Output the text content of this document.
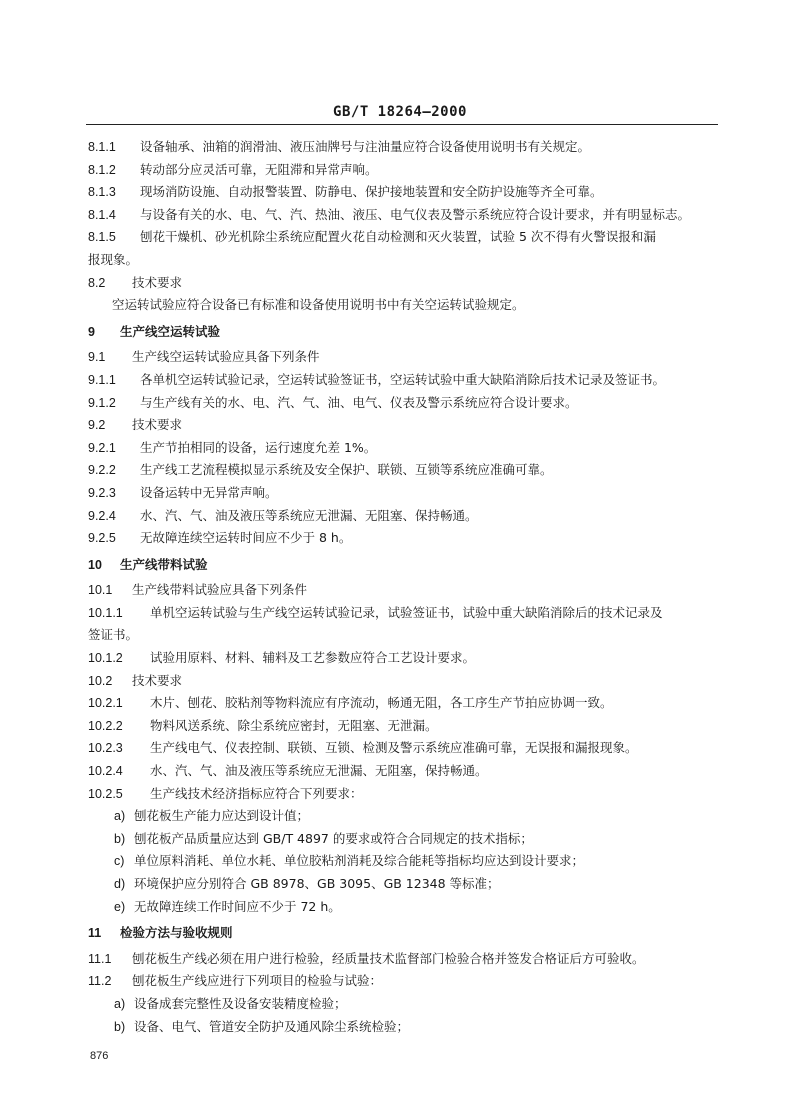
GB/T 18264—2000
8.1.1 设备轴承、油箱的润滑油、液压油牌号与注油量应符合设备使用说明书有关规定。
8.1.2 转动部分应灵活可靠，无阻滞和异常声响。
8.1.3 现场消防设施、自动报警装置、防静电、保护接地装置和安全防护设施等齐全可靠。
8.1.4 与设备有关的水、电、气、汽、热油、液压、电气仪表及警示系统应符合设计要求，并有明显标志。
8.1.5 刨花干燥机、砂光机除尘系统应配置火花自动检测和灭火装置，试验 5 次不得有火警误报和漏
报现象。
8.2 技术要求
空运转试验应符合设备已有标准和设备使用说明书中有关空运转试验规定。
9 生产线空运转试验
9.1 生产线空运转试验应具备下列条件
9.1.1 各单机空运转试验记录，空运转试验签证书，空运转试验中重大缺陷消除后技术记录及签证书。
9.1.2 与生产线有关的水、电、汽、气、油、电气、仪表及警示系统应符合设计要求。
9.2 技术要求
9.2.1 生产节拍相同的设备，运行速度允差 1%。
9.2.2 生产线工艺流程模拟显示系统及安全保护、联锁、互锁等系统应准确可靠。
9.2.3 设备运转中无异常声响。
9.2.4 水、汽、气、油及液压等系统应无泄漏、无阻塞、保持畅通。
9.2.5 无故障连续空运转时间应不少于 8 h。
10 生产线带料试验
10.1 生产线带料试验应具备下列条件
10.1.1 单机空运转试验与生产线空运转试验记录，试验签证书，试验中重大缺陷消除后的技术记录及
签证书。
10.1.2 试验用原料、材料、辅料及工艺参数应符合工艺设计要求。
10.2 技术要求
10.2.1 木片、刨花、胶粘剂等物料流应有序流动，畅通无阻，各工序生产节拍应协调一致。
10.2.2 物料风送系统、除尘系统应密封，无阻塞、无泄漏。
10.2.3 生产线电气、仪表控制、联锁、互锁、检测及警示系统应准确可靠，无误报和漏报现象。
10.2.4 水、汽、气、油及液压等系统应无泄漏、无阻塞，保持畅通。
10.2.5 生产线技术经济指标应符合下列要求：
a) 刨花板生产能力应达到设计值；
b) 刨花板产品质量应达到 GB/T 4897 的要求或符合合同规定的技术指标；
c) 单位原料消耗、单位水耗、单位胶粘剂消耗及综合能耗等指标均应达到设计要求；
d) 环境保护应分别符合 GB 8978、GB 3095、GB 12348 等标准；
e) 无故障连续工作时间应不少于 72 h。
11 检验方法与验收规则
11.1 刨花板生产线必须在用户进行检验，经质量技术监督部门检验合格并签发合格证后方可验收。
11.2 刨花板生产线应进行下列项目的检验与试验：
a) 设备成套完整性及设备安装精度检验；
b) 设备、电气、管道安全防护及通风除尘系统检验；
876
